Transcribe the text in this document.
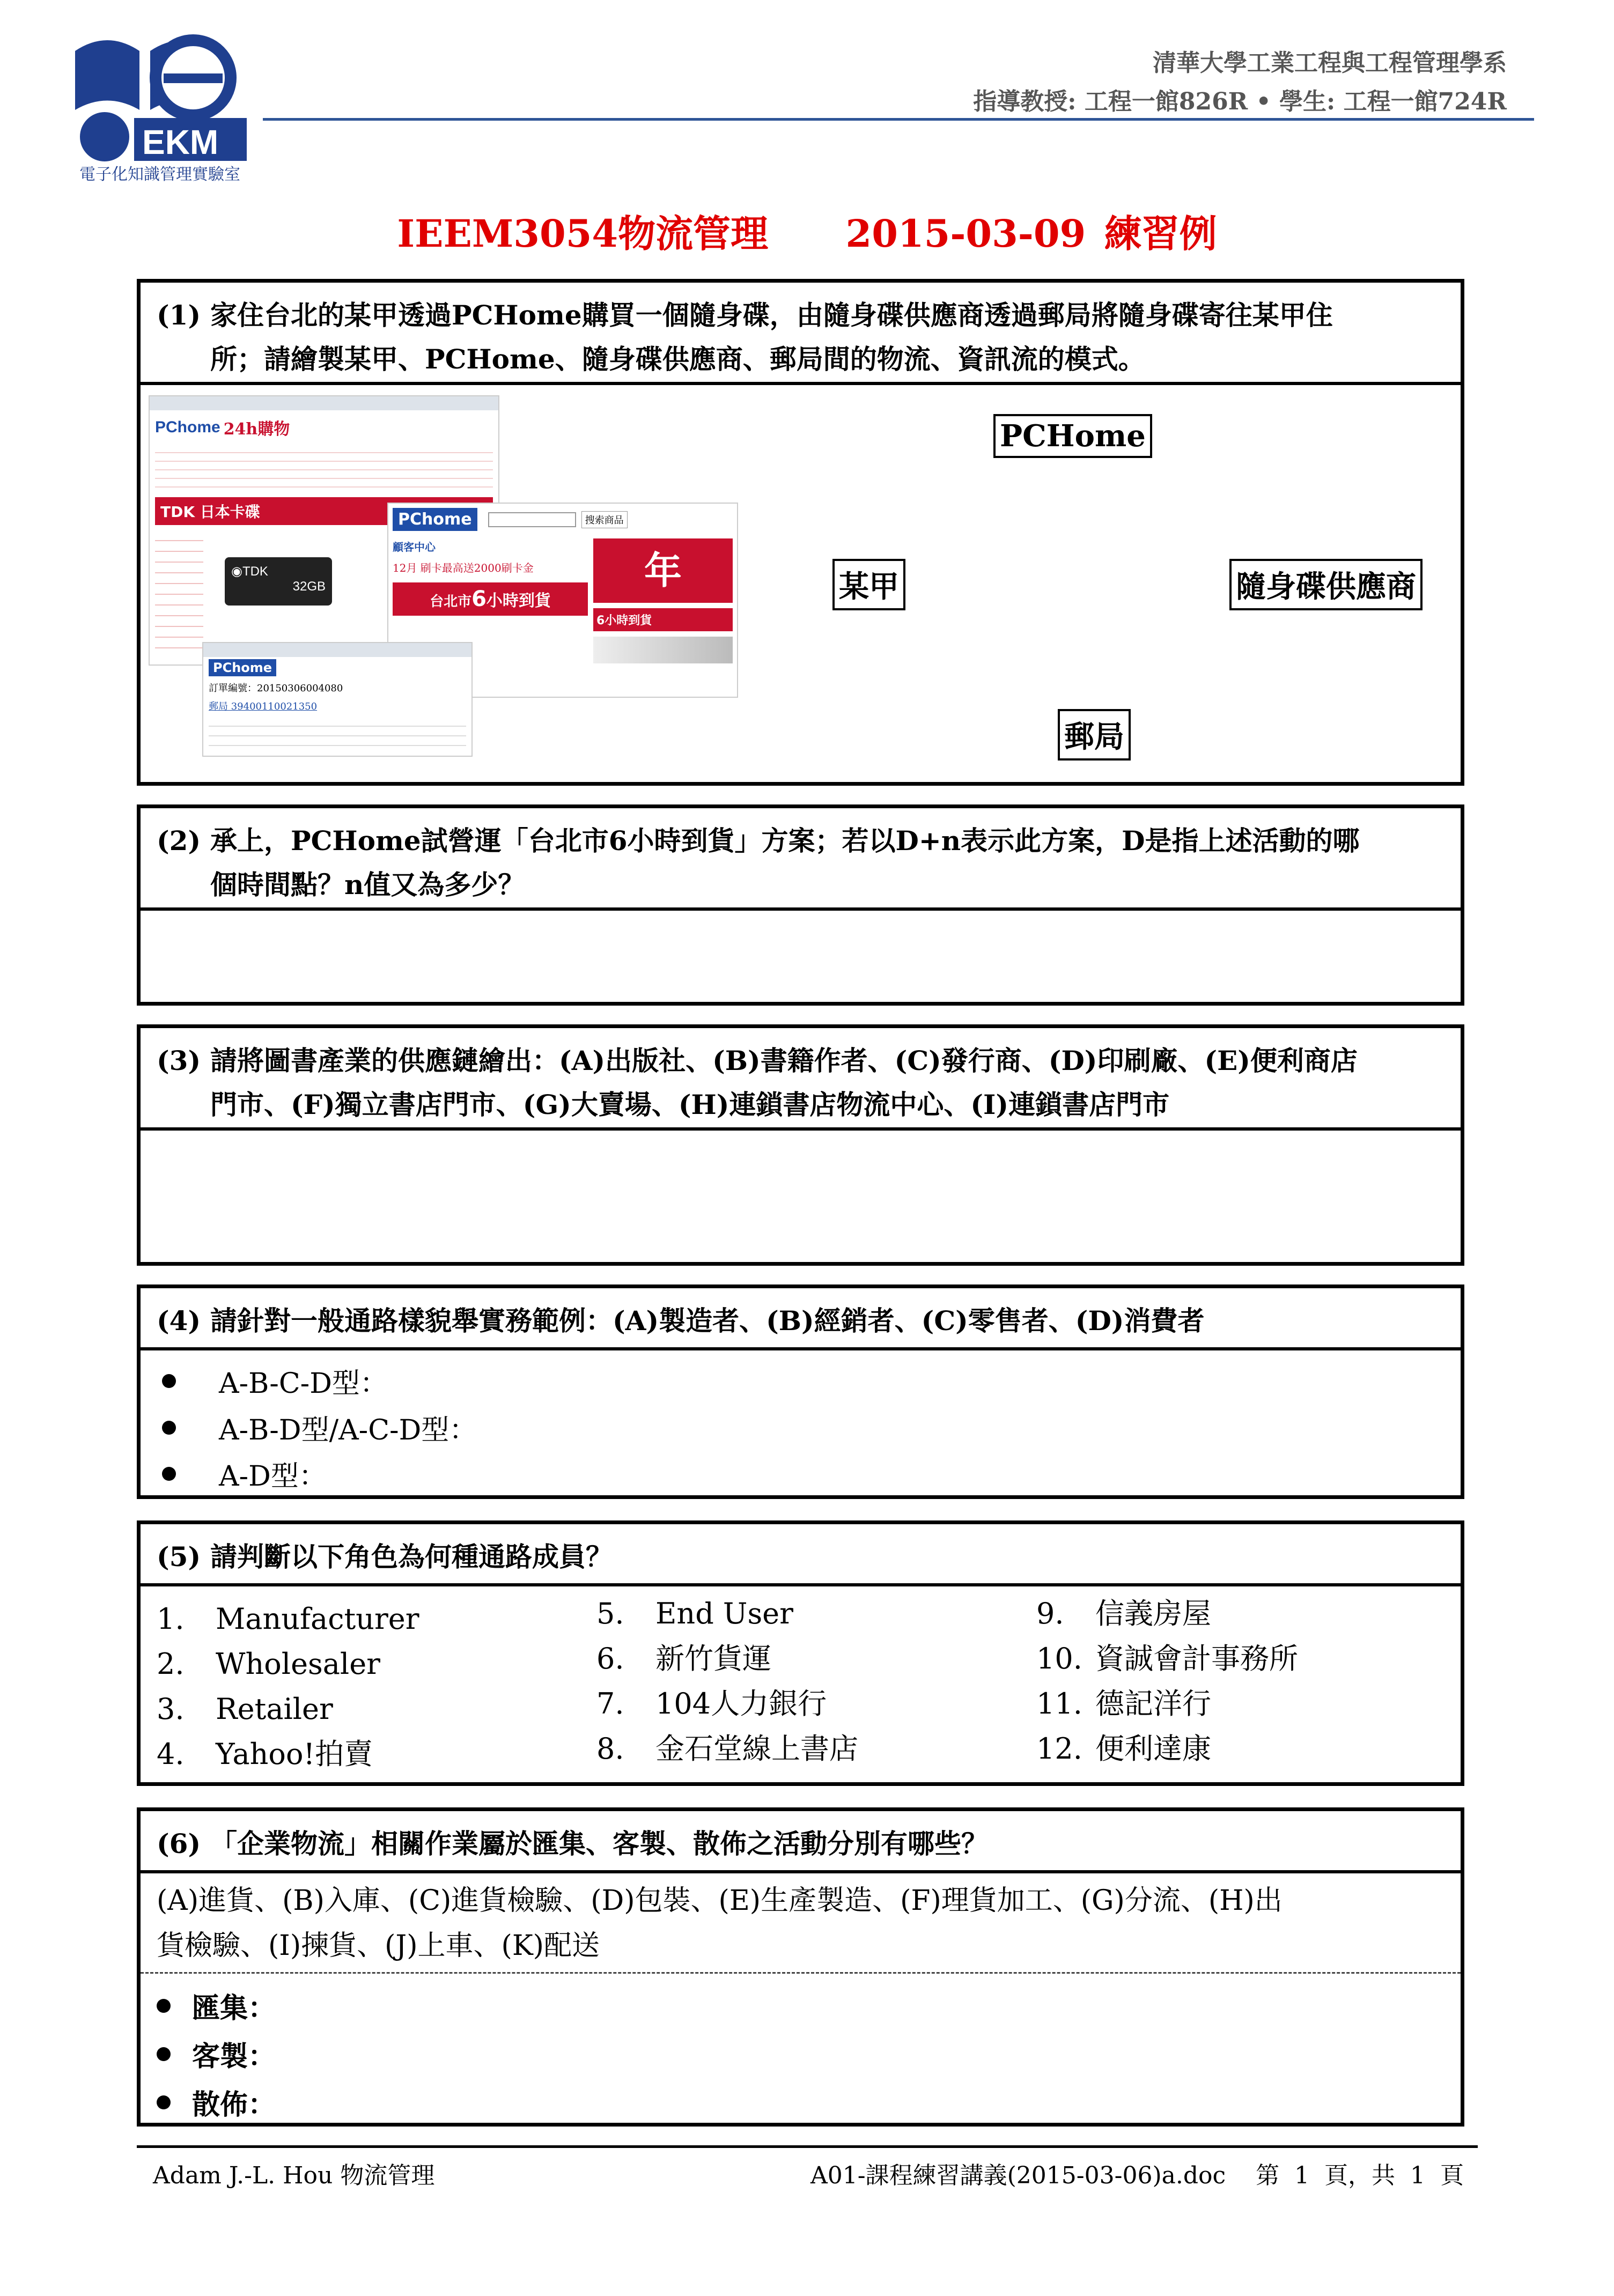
EKM
電子化知識管理實驗室
清華大學工業工程與工程管理學系
指導教授: 工程一館826R • 學生: 工程一館724R
IEEM3054物流管理 2015-03-09 練習例
(1) 家住台北的某甲透過PCHome購買一個隨身碟，由隨身碟供應商透過郵局將隨身碟寄往某甲住
所；請繪製某甲、PCHome、隨身碟供應商、郵局間的物流、資訊流的模式。
PChome 24h購物
TDK 日本卡碟
◉TDK
32GB
PChome	搜索商品
顧客中心
12月 刷卡最高送2000刷卡金
台北市6小時到貨
年
6小時到貨
PChome
訂單編號：20150306004080
郵局 39400110021350
PCHome
某甲	隨身碟供應商
郵局
(2) 承上，PCHome試營運「台北市6小時到貨」方案；若以D+n表示此方案，D是指上述活動的哪
個時間點？n值又為多少？
(3) 請將圖書產業的供應鏈繪出：(A)出版社、(B)書籍作者、(C)發行商、(D)印刷廠、(E)便利商店
門市、(F)獨立書店門市、(G)大賣場、(H)連鎖書店物流中心、(I)連鎖書店門市
(4) 請針對一般通路樣貌舉實務範例：(A)製造者、(B)經銷者、(C)零售者、(D)消費者
A-B-C-D型：
A-B-D型/A-C-D型：
A-D型：
(5) 請判斷以下角色為何種通路成員？
1.	Manufacturer
2.	Wholesaler
3.	Retailer
4.	Yahoo!拍賣
5.	End User
6.	新竹貨運
7.	104人力銀行
8.	金石堂線上書店
9.	信義房屋
10. 資誠會計事務所
11. 德記洋行
12. 便利達康
(6) 「企業物流」相關作業屬於匯集、客製、散佈之活動分別有哪些？
(A)進貨、(B)入庫、(C)進貨檢驗、(D)包裝、(E)生產製造、(F)理貨加工、(G)分流、(H)出
貨檢驗、(I)揀貨、(J)上車、(K)配送
匯集：
客製：
散佈：
Adam J.-L. Hou 物流管理	A01-課程練習講義(2015-03-06)a.doc    第  1  頁，共  1  頁
